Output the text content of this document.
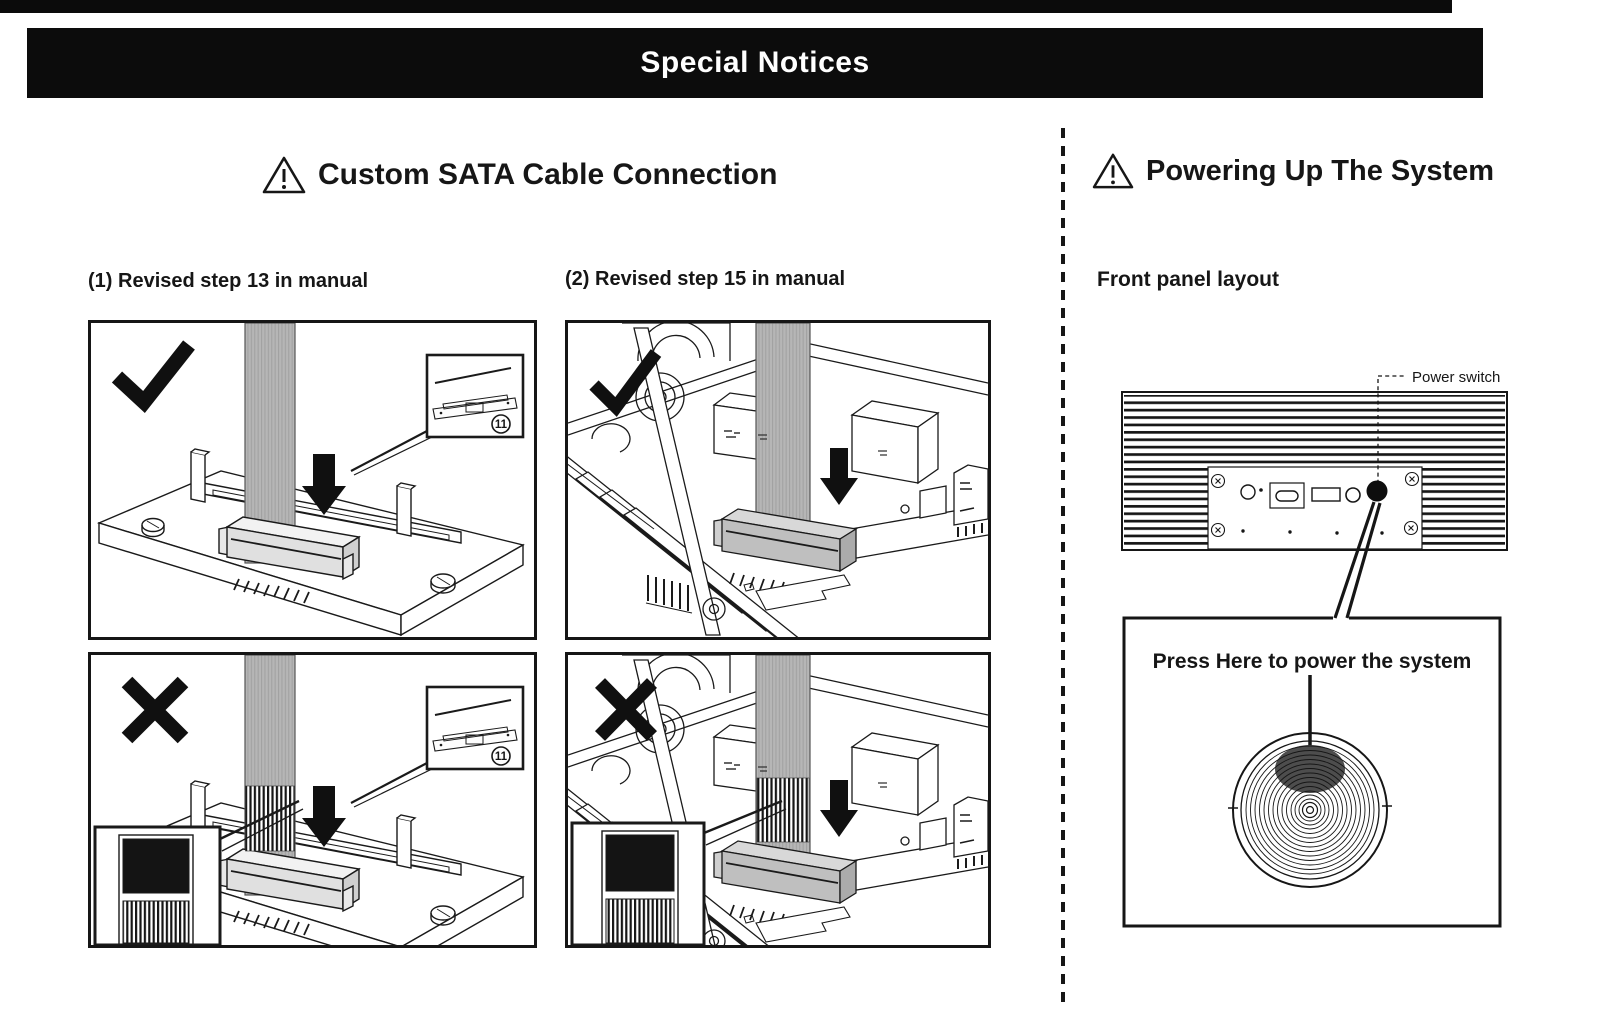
Special Notices
Custom SATA Cable Connection	Powering Up The System
(1) Revised step 13 in manual	(2) Revised step 15 in manual	Front panel layout
Power switch
Press Here to power the system
